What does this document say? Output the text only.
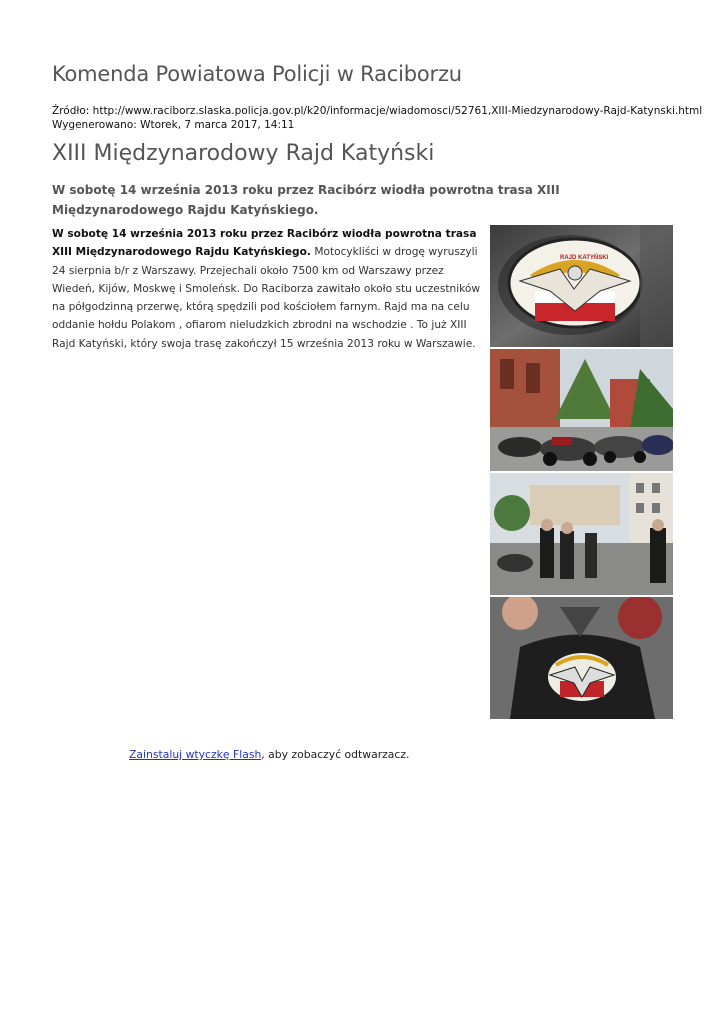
Komenda Powiatowa Policji w Raciborzu
Źródło: http://www.raciborz.slaska.policja.gov.pl/k20/informacje/wiadomosci/52761,XIII-Miedzynarodowy-Rajd-Katynski.html
Wygenerowano: Wtorek, 7 marca 2017, 14:11
XIII Międzynarodowy Rajd Katyński
W sobotę 14 września 2013 roku przez Racibórz wiodła powrotna trasa XIII Międzynarodowego Rajdu Katyńskiego.
W sobotę 14 września 2013 roku przez Racibórz wiodła powrotna trasa XIII Międzynarodowego Rajdu Katyńskiego. Motocykliści w drogę wyruszyli 24 sierpnia b/r z Warszawy. Przejechali około 7500 km od Warszawy przez Wiedeń, Kijów, Moskwę i Smoleńsk. Do Raciborza zawitało około stu uczestników na półgodzinną przerwę, którą spędzili pod kościołem farnym. Rajd ma na celu oddanie hołdu Polakom , ofiarom nieludzkich zbrodni na wschodzie . To już XIII Rajd Katyński, który swoja trasę zakończył 15 września 2013 roku w Warszawie.
RAJD KATYŃSKI
Zainstaluj wtyczkę Flash, aby zobaczyć odtwarzacz.
